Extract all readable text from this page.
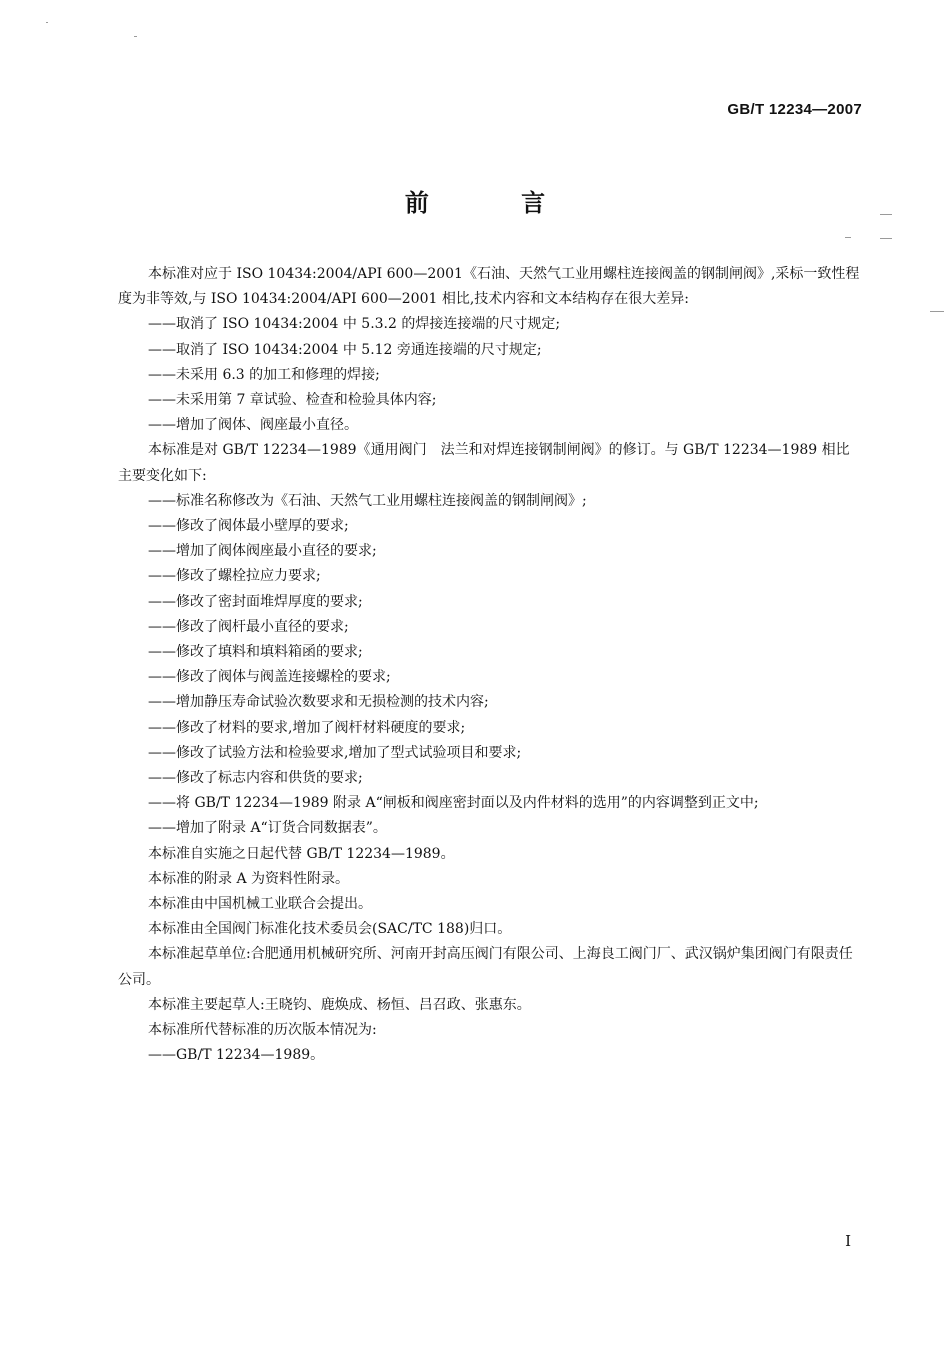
GB/T 12234—2007
前 言

本标准对应于 ISO 10434:2004/API 600—2001《石油、天然气工业用螺柱连接阀盖的钢制闸阀》,采标一致性程度为非等效,与 ISO 10434:2004/API 600—2001 相比,技术内容和文本结构存在很大差异:

——取消了 ISO 10434:2004 中 5.3.2 的焊接连接端的尺寸规定;

——取消了 ISO 10434:2004 中 5.12 旁通连接端的尺寸规定;

——未采用 6.3 的加工和修理的焊接;

——未采用第 7 章试验、检查和检验具体内容;

——增加了阀体、阀座最小直径。

本标准是对 GB/T 12234—1989《通用阀门　法兰和对焊连接钢制闸阀》的修订。与 GB/T 12234—1989 相比主要变化如下:

——标准名称修改为《石油、天然气工业用螺柱连接阀盖的钢制闸阀》;

——修改了阀体最小壁厚的要求;

——增加了阀体阀座最小直径的要求;

——修改了螺栓拉应力要求;

——修改了密封面堆焊厚度的要求;

——修改了阀杆最小直径的要求;

——修改了填料和填料箱函的要求;

——修改了阀体与阀盖连接螺栓的要求;

——增加静压寿命试验次数要求和无损检测的技术内容;

——修改了材料的要求,增加了阀杆材料硬度的要求;

——修改了试验方法和检验要求,增加了型式试验项目和要求;

——修改了标志内容和供货的要求;

——将 GB/T 12234—1989 附录 A“闸板和阀座密封面以及内件材料的选用”的内容调整到正文中;

——增加了附录 A“订货合同数据表”。

本标准自实施之日起代替 GB/T 12234—1989。

本标准的附录 A 为资料性附录。

本标准由中国机械工业联合会提出。

本标准由全国阀门标准化技术委员会(SAC/TC 188)归口。

本标准起草单位:合肥通用机械研究所、河南开封高压阀门有限公司、上海良工阀门厂、武汉锅炉集团阀门有限责任公司。

本标准主要起草人:王晓钧、鹿焕成、杨恒、吕召政、张惠东。

本标准所代替标准的历次版本情况为:

——GB/T 12234—1989。

I
